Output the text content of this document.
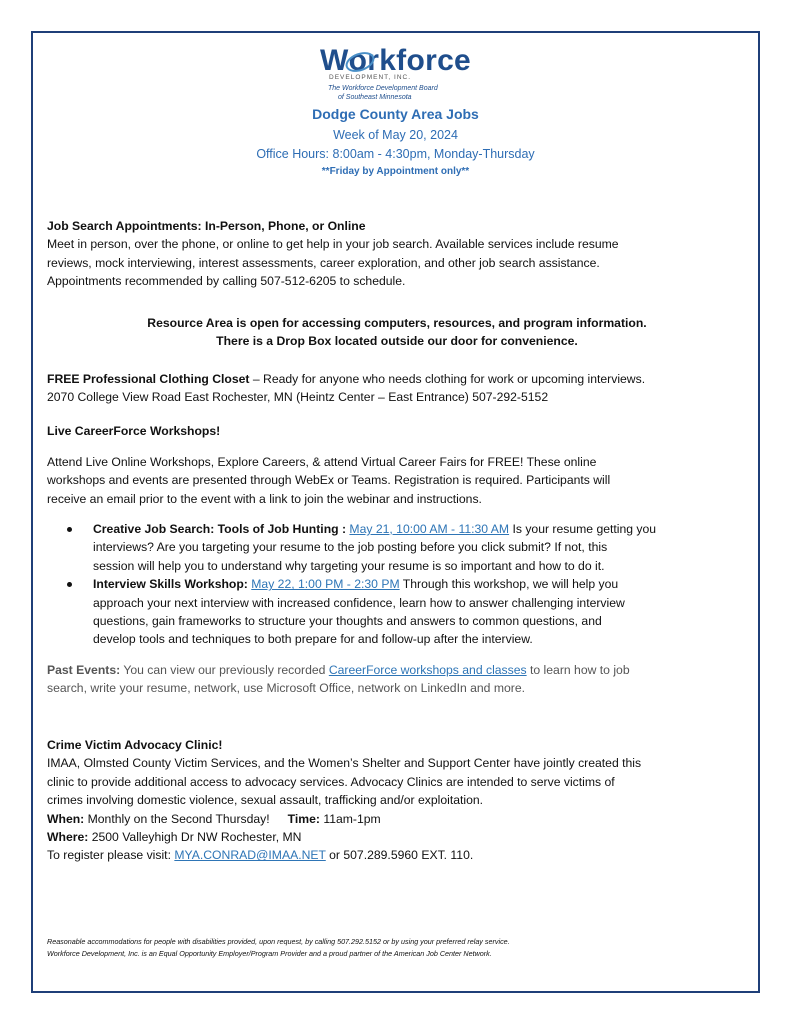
Wo
rkforce
DEVELOPMENT, INC.
The Workforce Development Board
of Southeast Minnesota
Dodge County Area Jobs
Week of May 20, 2024
Office Hours: 8:00am - 4:30pm, Monday-Thursday
**Friday by Appointment only**
Job Search Appointments: In-Person, Phone, or Online
Meet in person, over the phone, or online to get help in your job search. Available services include resume
reviews, mock interviewing, interest assessments, career exploration, and other job search assistance.
Appointments recommended by calling 507-512-6205 to schedule.
Resource Area is open for accessing computers, resources, and program information.
There is a Drop Box located outside our door for convenience.
FREE Professional Clothing Closet – Ready for anyone who needs clothing for work or upcoming interviews.
2070 College View Road East Rochester, MN (Heintz Center – East Entrance) 507-292-5152
Live CareerForce Workshops!
Attend Live Online Workshops, Explore Careers, & attend Virtual Career Fairs for FREE! These online
workshops and events are presented through WebEx or Teams. Registration is required. Participants will
receive an email prior to the event with a link to join the webinar and instructions.
Creative Job Search: Tools of Job Hunting : May 21, 10:00 AM - 11:30 AM Is your resume getting you
interviews? Are you targeting your resume to the job posting before you click submit? If not, this
session will help you to understand why targeting your resume is so important and how to do it.
Interview Skills Workshop: May 22, 1:00 PM - 2:30 PM Through this workshop, we will help you
approach your next interview with increased confidence, learn how to answer challenging interview
questions, gain frameworks to structure your thoughts and answers to common questions, and
develop tools and techniques to both prepare for and follow-up after the interview.
Past Events: You can view our previously recorded CareerForce workshops and classes to learn how to job
search, write your resume, network, use Microsoft Office, network on LinkedIn and more.
Crime Victim Advocacy Clinic!
IMAA, Olmsted County Victim Services, and the Women’s Shelter and Support Center have jointly created this
clinic to provide additional access to advocacy services. Advocacy Clinics are intended to serve victims of
crimes involving domestic violence, sexual assault, trafficking and/or exploitation.
When: Monthly on the Second Thursday! Time: 11am-1pm
Where: 2500 Valleyhigh Dr NW Rochester, MN
To register please visit: MYA.CONRAD@IMAA.NET or 507.289.5960 EXT. 110.
Reasonable accommodations for people with disabilities provided, upon request, by calling 507.292.5152 or by using your preferred relay service.
Workforce Development, Inc. is an Equal Opportunity Employer/Program Provider and a proud partner of the American Job Center Network.
